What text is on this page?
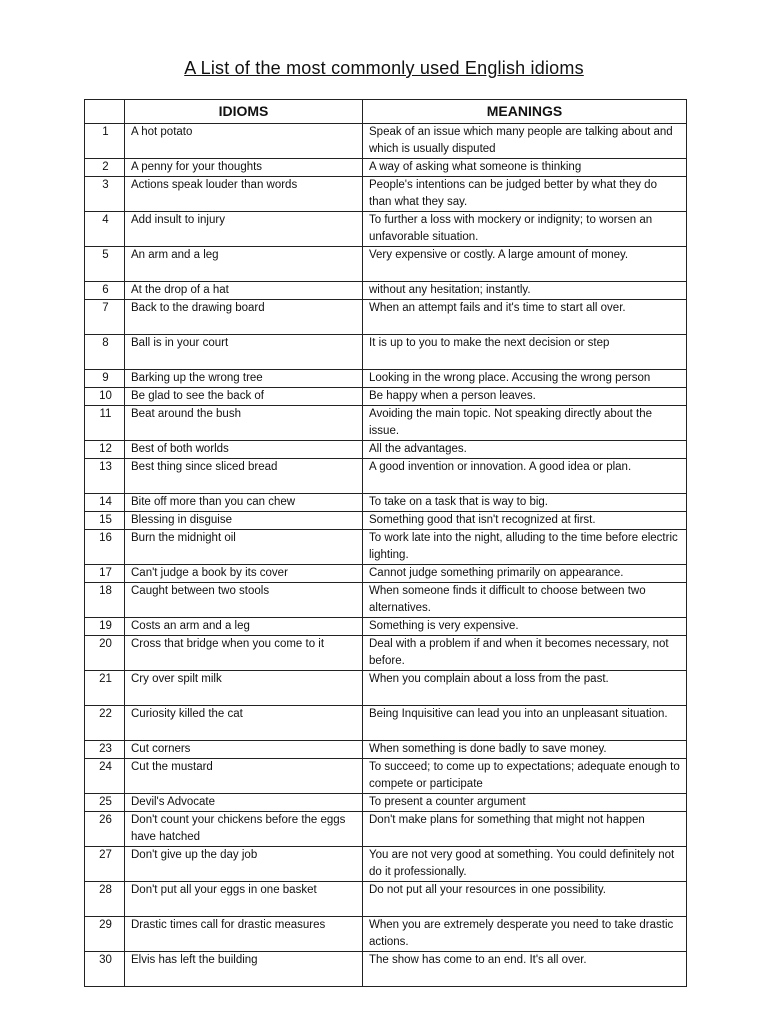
A List of the most commonly used English idioms
	IDIOMS	MEANINGS
1	A hot potato	Speak of an issue which many people are talking about and which is usually disputed
2	A penny for your thoughts	A way of asking what someone is thinking
3	Actions speak louder than words	People's intentions can be judged better by what they do than what they say.
4	Add insult to injury	To further a loss with mockery or indignity; to worsen an unfavorable situation.
5	An arm and a leg	Very expensive or costly. A large amount of money.
6	At the drop of a hat	without any hesitation; instantly.
7	Back to the drawing board	When an attempt fails and it's time to start all over.
8	Ball is in your court	It is up to you to make the next decision or step
9	Barking up the wrong tree	Looking in the wrong place. Accusing the wrong person
10	Be glad to see the back of	Be happy when a person leaves.
11	Beat around the bush	Avoiding the main topic. Not speaking directly about the issue.
12	Best of both worlds	All the advantages.
13	Best thing since sliced bread	A good invention or innovation. A good idea or plan.
14	Bite off more than you can chew	To take on a task that is way to big.
15	Blessing in disguise	Something good that isn't recognized at first.
16	Burn the midnight oil	To work late into the night, alluding to the time before electric lighting.
17	Can't judge a book by its cover	Cannot judge something primarily on appearance.
18	Caught between two stools	When someone finds it difficult to choose between two alternatives.
19	Costs an arm and a leg	Something is very expensive.
20	Cross that bridge when you come to it	Deal with a problem if and when it becomes necessary, not before.
21	Cry over spilt milk	When you complain about a loss from the past.
22	Curiosity killed the cat	Being Inquisitive can lead you into an unpleasant situation.
23	Cut corners	When something is done badly to save money.
24	Cut the mustard	To succeed; to come up to expectations; adequate enough to compete or participate
25	Devil's Advocate	To present a counter argument
26	Don't count your chickens before the eggs have hatched	Don't make plans for something that might not happen
27	Don't give up the day job	You are not very good at something. You could definitely not do it professionally.
28	Don't put all your eggs in one basket	Do not put all your resources in one possibility.
29	Drastic times call for drastic measures	When you are extremely desperate you need to take drastic actions.
30	Elvis has left the building	The show has come to an end. It's all over.
